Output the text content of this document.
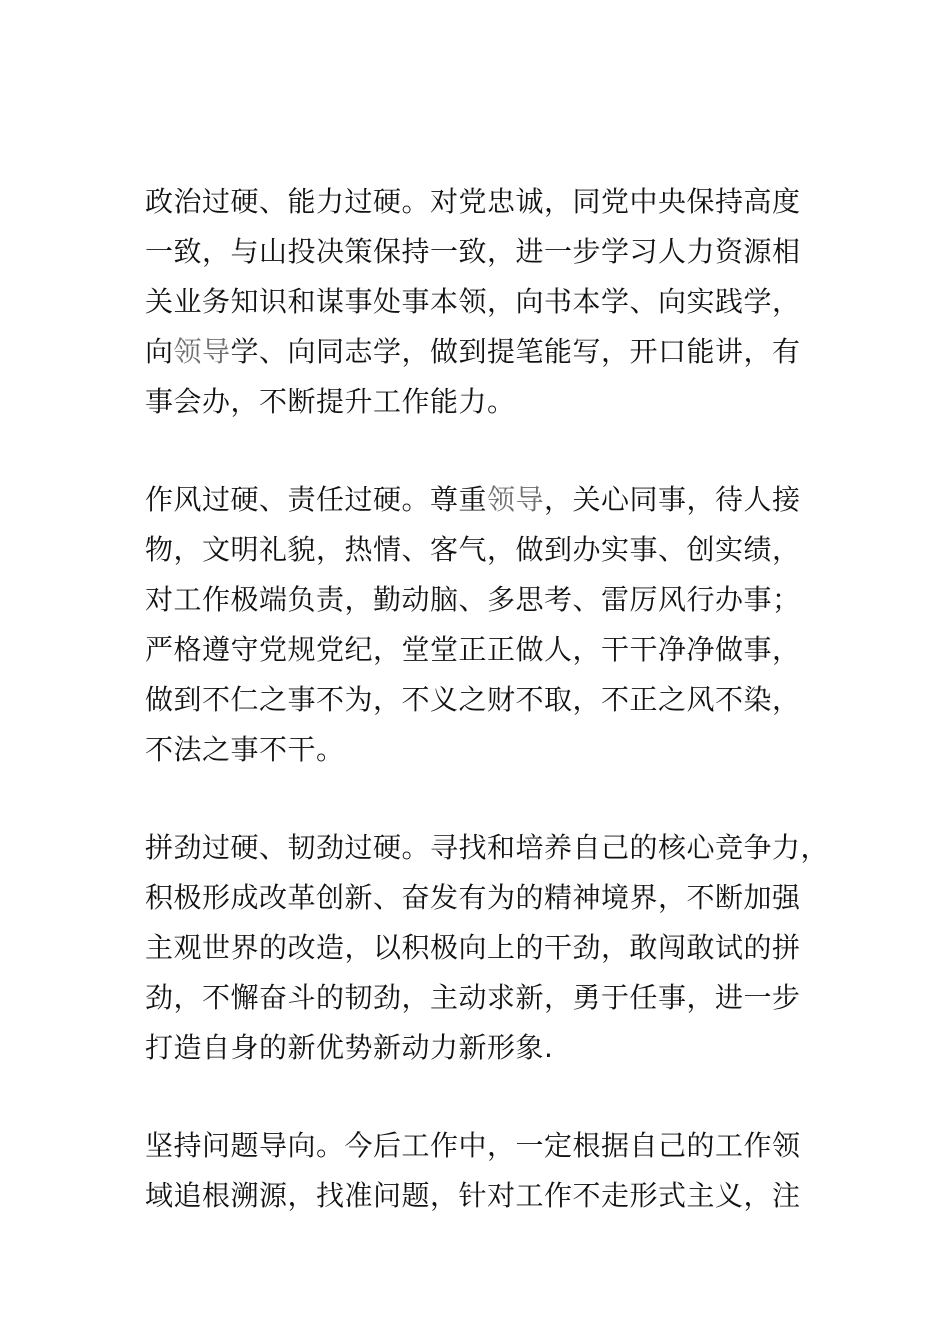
政治过硬、能力过硬。对党忠诚，同党中央保持高度
一致，与山投决策保持一致，进一步学习人力资源相
关业务知识和谋事处事本领，向书本学、向实践学，
向领导学、向同志学，做到提笔能写，开口能讲，有
事会办，不断提升工作能力。
作风过硬、责任过硬。尊重领导，关心同事，待人接
物，文明礼貌，热情、客气，做到办实事、创实绩，
对工作极端负责，勤动脑、多思考、雷厉风行办事；
严格遵守党规党纪，堂堂正正做人，干干净净做事，
做到不仁之事不为，不义之财不取，不正之风不染，
不法之事不干。
拼劲过硬、韧劲过硬。寻找和培养自己的核心竞争力，
积极形成改革创新、奋发有为的精神境界，不断加强
主观世界的改造，以积极向上的干劲，敢闯敢试的拼
劲，不懈奋斗的韧劲，主动求新，勇于任事，进一步
打造自身的新优势新动力新形象.
坚持问题导向。今后工作中，一定根据自己的工作领
域追根溯源，找准问题，针对工作不走形式主义，注
